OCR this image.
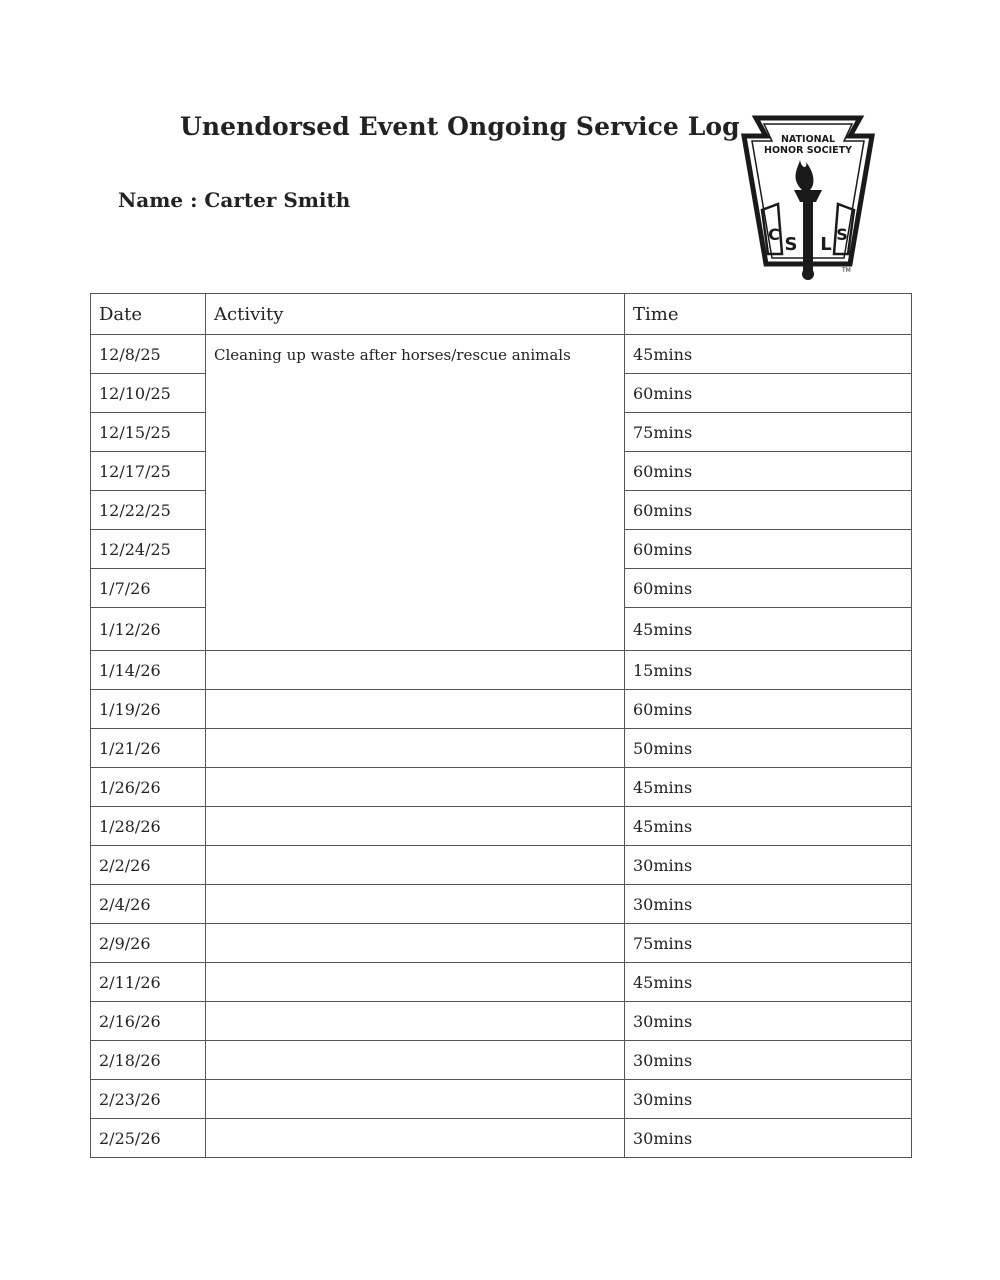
Unendorsed Event Ongoing Service Log
Name : Carter Smith
NATIONAL
HONOR SOCIETY
C S L S
TM
Date	Activity	Time
12/8/25	Cleaning up waste after horses/rescue animals	45mins
12/10/25		60mins
12/15/25		75mins
12/17/25		60mins
12/22/25		60mins
12/24/25		60mins
1/7/26		60mins
1/12/26		45mins
1/14/26		15mins
1/19/26		60mins
1/21/26		50mins
1/26/26		45mins
1/28/26		45mins
2/2/26		30mins
2/4/26		30mins
2/9/26		75mins
2/11/26		45mins
2/16/26		30mins
2/18/26		30mins
2/23/26		30mins
2/25/26		30mins
